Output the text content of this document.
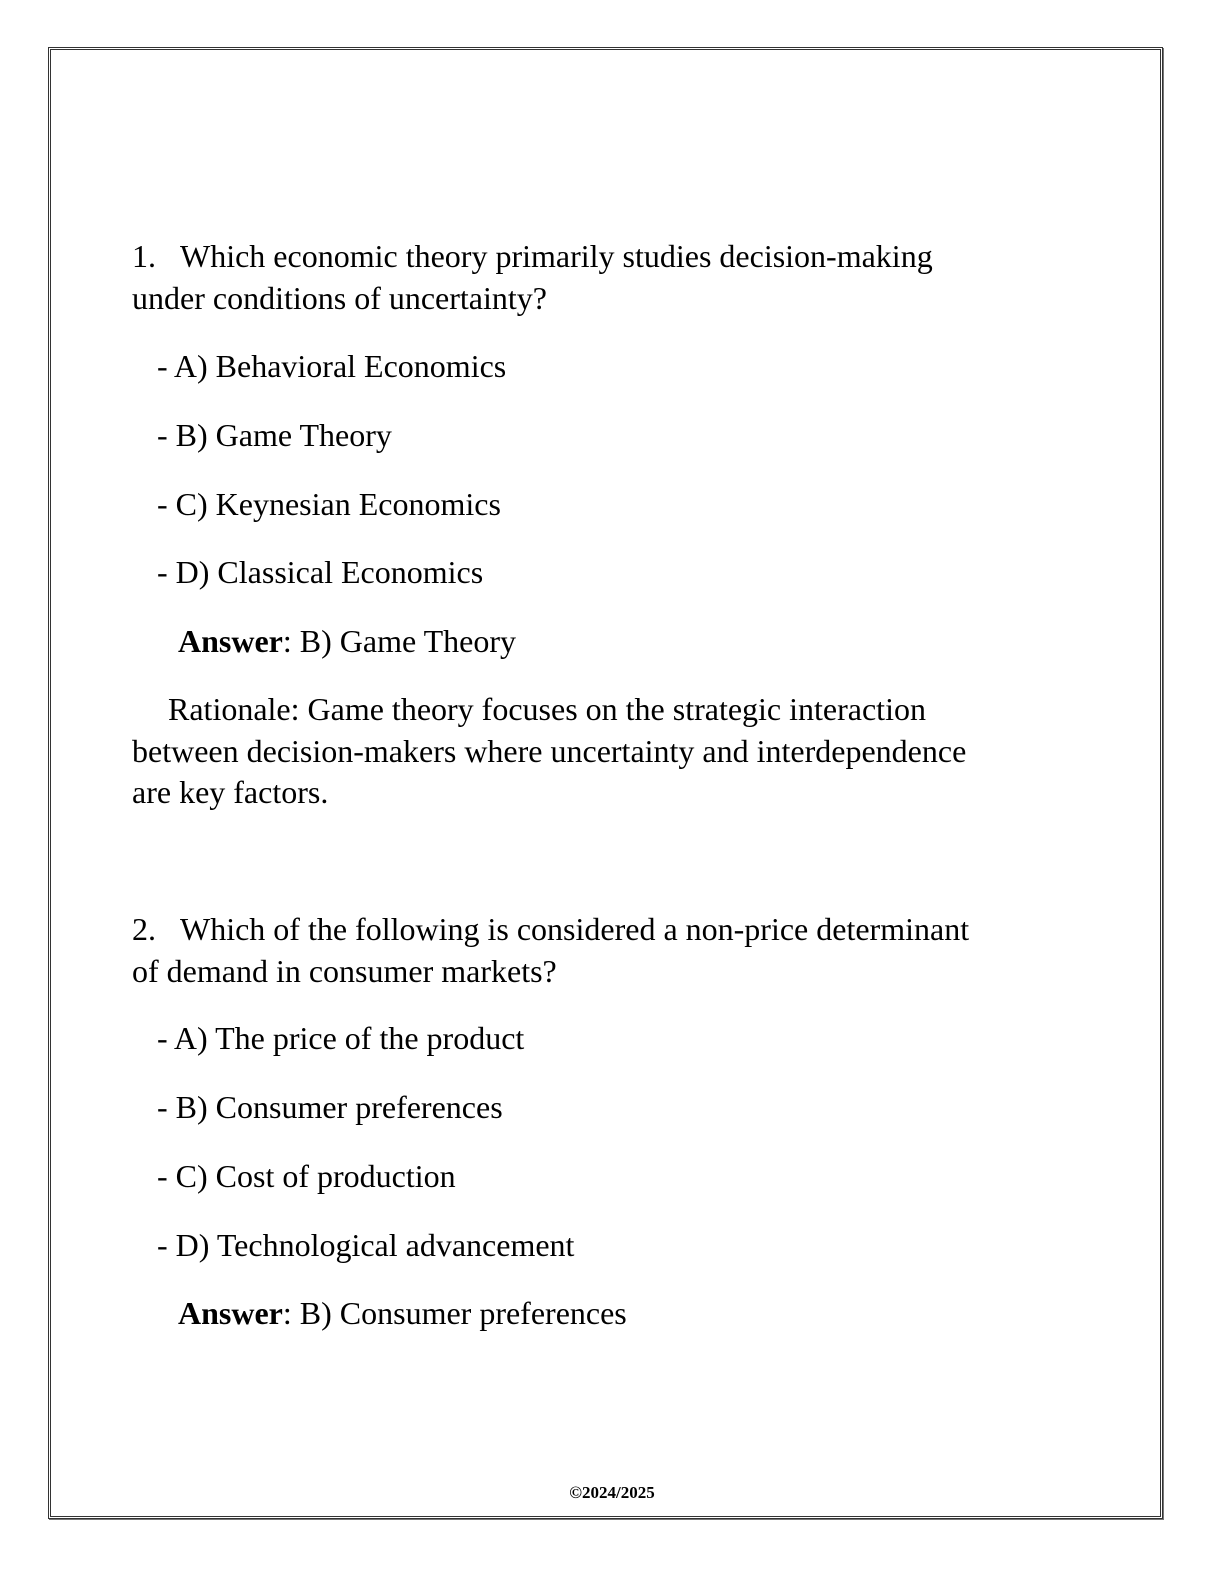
1. Which economic theory primarily studies decision-making
under conditions of uncertainty?
- A) Behavioral Economics
- B) Game Theory
- C) Keynesian Economics
- D) Classical Economics
Answer: B) Game Theory
Rationale: Game theory focuses on the strategic interaction
between decision-makers where uncertainty and interdependence
are key factors.
2. Which of the following is considered a non-price determinant
of demand in consumer markets?
- A) The price of the product
- B) Consumer preferences
- C) Cost of production
- D) Technological advancement
Answer: B) Consumer preferences
©2024/2025
